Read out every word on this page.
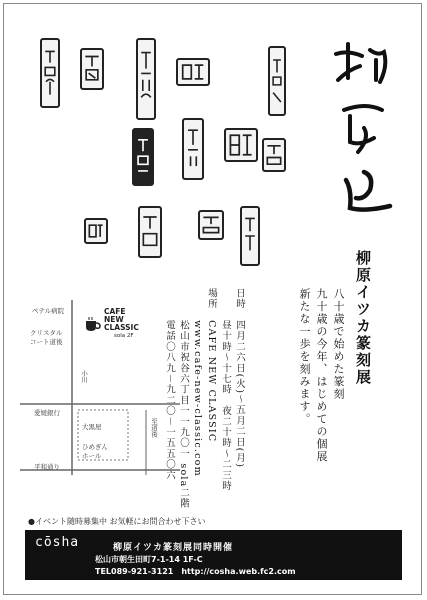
柳原イツカ
柳原イツカ篆刻展
八十歳で始めた篆刻
九十歳の今年、はじめての個展
新たな一歩を刻みます。
日時　四月二六日(火)～五月二日(月)
　　　昼十時～十七時　夜二十時～二三時
場所　CAFE NEW CLASSIC
　　　www.cafe-new-classic.com
　　　松山市祝谷六丁目一一九〇一 sola二階
　　　電話〇八九－九二〇－一五五〇六
ペテル病院
クリスタル
コート道後
小川
愛媛銀行
大黒屋
ひめぎん
ホール
至道後
平和通り
CAFE
NEW
CLASSIC
sola 2F
●イベント随時募集中 お気軽にお問合わせ下さい
cōsha	柳原イツカ篆刻展同時開催
松山市朝生田町7-1-14 1F-C
TEL089-921-3121　http://cosha.web.fc2.com
